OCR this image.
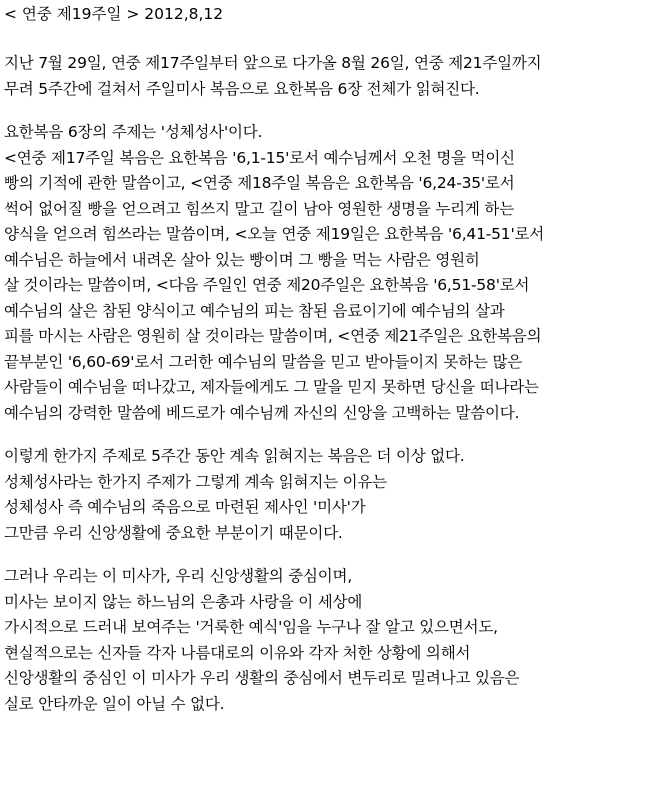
< 연중 제19주일 > 2012,8,12
지난 7월 29일, 연중 제17주일부터 앞으로 다가올 8월 26일, 연중 제21주일까지
무려 5주간에 걸쳐서 주일미사 복음으로 요한복음 6장 전체가 읽혀진다.
요한복음 6장의 주제는 '성체성사'이다.
<연중 제17주일 복음은 요한복음 '6,1-15'로서 예수님께서 오천 명을 먹이신
빵의 기적에 관한 말씀이고, <연중 제18주일 복음은 요한복음 '6,24-35'로서
썩어 없어질 빵을 얻으려고 힘쓰지 말고 길이 남아 영원한 생명을 누리게 하는
양식을 얻으려 힘쓰라는 말씀이며, <오늘 연중 제19일은 요한복음 '6,41-51'로서
예수님은 하늘에서 내려온 살아 있는 빵이며 그 빵을 먹는 사람은 영원히
살 것이라는 말씀이며, <다음 주일인 연중 제20주일은 요한복음 '6,51-58'로서
예수님의 살은 참된 양식이고 예수님의 피는 참된 음료이기에 예수님의 살과
피를 마시는 사람은 영원히 살 것이라는 말씀이며, <연중 제21주일은 요한복음의
끝부분인 '6,60-69'로서 그러한 예수님의 말씀을 믿고 받아들이지 못하는 많은
사람들이 예수님을 떠나갔고, 제자들에게도 그 말을 믿지 못하면 당신을 떠나라는
예수님의 강력한 말씀에 베드로가 예수님께 자신의 신앙을 고백하는 말씀이다.
이렇게 한가지 주제로 5주간 동안 계속 읽혀지는 복음은 더 이상 없다.
성체성사라는 한가지 주제가 그렇게 계속 읽혀지는 이유는
성체성사 즉 예수님의 죽음으로 마련된 제사인 '미사'가
그만큼 우리 신앙생활에 중요한 부분이기 때문이다.
그러나 우리는 이 미사가, 우리 신앙생활의 중심이며,
미사는 보이지 않는 하느님의 은총과 사랑을 이 세상에
가시적으로 드러내 보여주는 '거룩한 예식'임을 누구나 잘 알고 있으면서도,
현실적으로는 신자들 각자 나름대로의 이유와 각자 처한 상황에 의해서
신앙생활의 중심인 이 미사가 우리 생활의 중심에서 변두리로 밀려나고 있음은
실로 안타까운 일이 아닐 수 없다.
